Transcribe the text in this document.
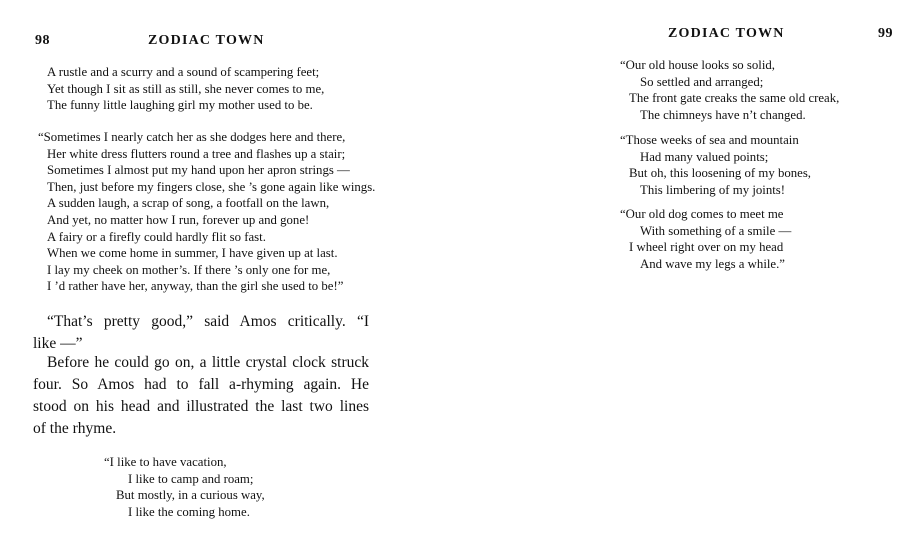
98	ZODIAC TOWN
A rustle and a scurry and a sound of scampering feet;
Yet though I sit as still as still, she never comes to me,
The funny little laughing girl my mother used to be.
“Sometimes I nearly catch her as she dodges here and there,
Her white dress flutters round a tree and flashes up a stair;
Sometimes I almost put my hand upon her apron strings —
Then, just before my fingers close, she ’s gone again like wings.
A sudden laugh, a scrap of song, a footfall on the lawn,
And yet, no matter how I run, forever up and gone!
A fairy or a firefly could hardly flit so fast.
When we come home in summer, I have given up at last.
I lay my cheek on mother’s. If there ’s only one for me,
I ’d rather have her, anyway, than the girl she used to be!”
“That’s pretty good,” said Amos critically. “I
like —”
Before he could go on, a little crystal clock struck
four. So Amos had to fall a-rhyming again. He
stood on his head and illustrated the last two lines
of the rhyme.
“I like to have vacation,
I like to camp and roam;
But mostly, in a curious way,
I like the coming home.
ZODIAC TOWN	99
“Our old house looks so solid,
So settled and arranged;
The front gate creaks the same old creak,
The chimneys have n’t changed.
“Those weeks of sea and mountain
Had many valued points;
But oh, this loosening of my bones,
This limbering of my joints!
“Our old dog comes to meet me
With something of a smile —
I wheel right over on my head
And wave my legs a while.”
